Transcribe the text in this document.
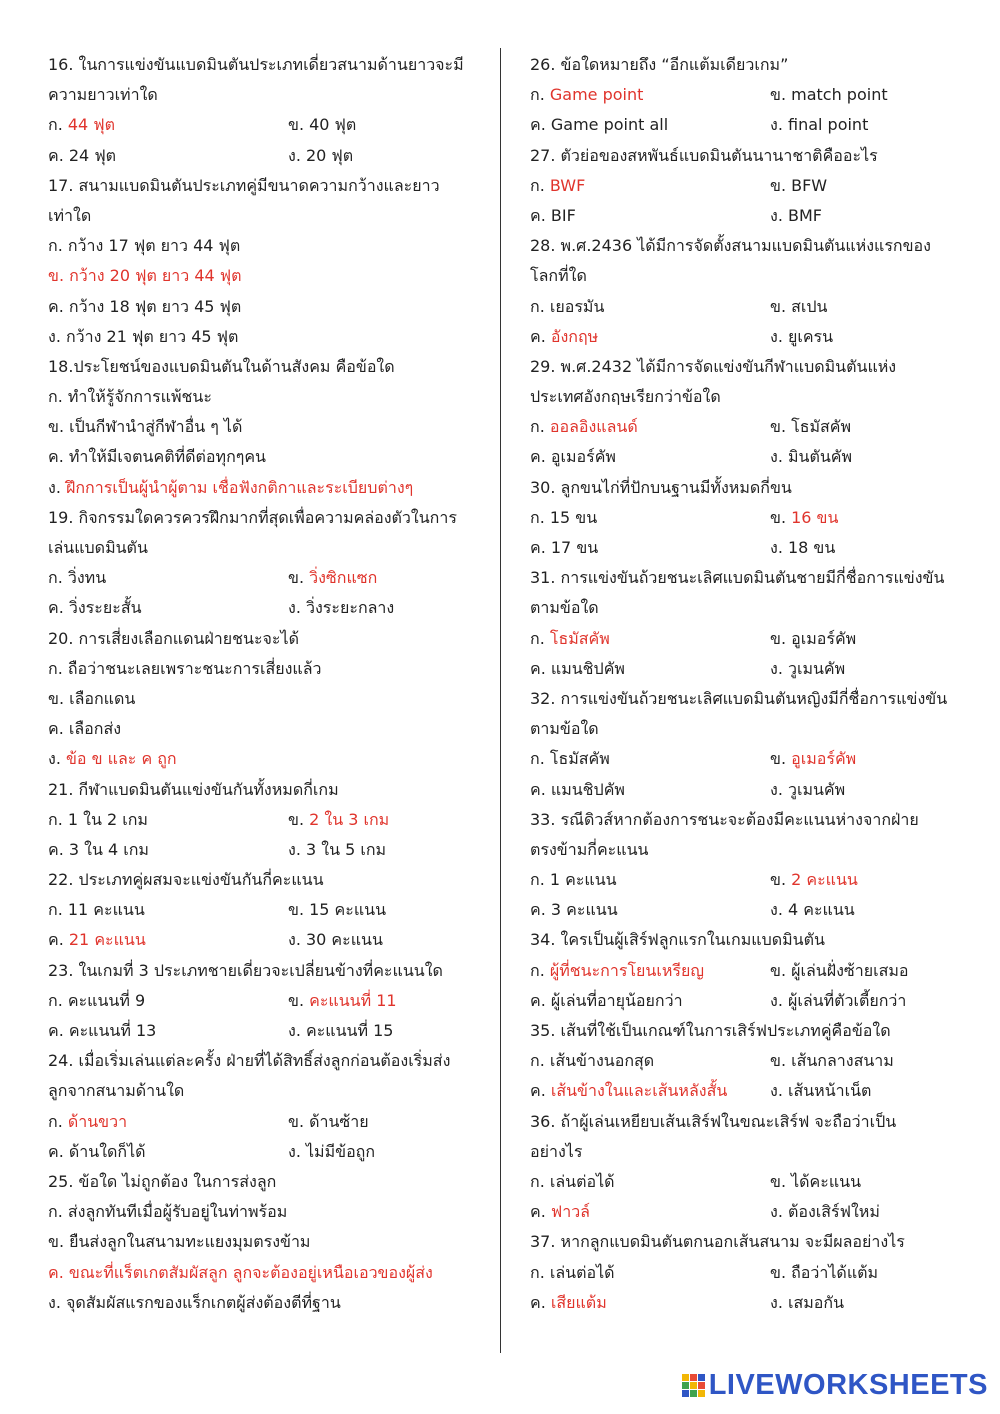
16. ในการแข่งขันแบดมินตันประเภทเดี่ยวสนามด้านยาวจะมี
ความยาวเท่าใด
ก. 44 ฟุต	ข. 40 ฟุต
ค. 24 ฟุต	ง. 20 ฟุต
17. สนามแบดมินตันประเภทคู่มีขนาดความกว้างและยาว
เท่าใด
ก. กว้าง 17 ฟุต ยาว 44 ฟุต
ข. กว้าง 20 ฟุต ยาว 44 ฟุต
ค. กว้าง 18 ฟุต ยาว 45 ฟุต
ง. กว้าง 21 ฟุต ยาว 45 ฟุต
18.ประโยชน์ของแบดมินตันในด้านสังคม คือข้อใด
ก. ทำให้รู้จักการแพ้ชนะ
ข. เป็นกีฬานำสู่กีฬาอื่น ๆ ได้
ค. ทำให้มีเจตนคติที่ดีต่อทุกๆคน
ง. ฝึกการเป็นผู้นำผู้ตาม เชื่อฟังกติกาและระเบียบต่างๆ
19. กิจกรรมใดควรควรฝึกมากที่สุดเพื่อความคล่องตัวในการ
เล่นแบดมินตัน
ก. วิ่งทน	ข. วิ่งซิกแซก
ค. วิ่งระยะสั้น	ง. วิ่งระยะกลาง
20. การเสี่ยงเลือกแดนฝ่ายชนะจะได้
ก. ถือว่าชนะเลยเพราะชนะการเสี่ยงแล้ว
ข. เลือกแดน
ค. เลือกส่ง
ง. ข้อ ข และ ค ถูก
21. กีฬาแบดมินตันแข่งขันกันทั้งหมดกี่เกม
ก. 1 ใน 2 เกม	ข. 2 ใน 3 เกม
ค. 3 ใน 4 เกม	ง. 3 ใน 5 เกม
22. ประเภทคู่ผสมจะแข่งขันกันกี่คะแนน
ก. 11 คะแนน	ข. 15 คะแนน
ค. 21 คะแนน	ง. 30 คะแนน
23. ในเกมที่ 3 ประเภทชายเดี่ยวจะเปลี่ยนข้างที่คะแนนใด
ก. คะแนนที่ 9	ข. คะแนนที่ 11
ค. คะแนนที่ 13	ง. คะแนนที่ 15
24. เมื่อเริ่มเล่นแต่ละครั้ง ฝ่ายที่ได้สิทธิ์ส่งลูกก่อนต้องเริ่มส่ง
ลูกจากสนามด้านใด
ก. ด้านขวา	ข. ด้านซ้าย
ค. ด้านใดก็ได้	ง. ไม่มีข้อถูก
25. ข้อใด ไม่ถูกต้อง ในการส่งลูก
ก. ส่งลูกทันทีเมื่อผู้รับอยู่ในท่าพร้อม
ข. ยืนส่งลูกในสนามทะแยงมุมตรงข้าม
ค. ขณะที่แร็ตเกตสัมผัสลูก ลูกจะต้องอยู่เหนือเอวของผู้ส่ง
ง. จุดสัมผัสแรกของแร็กเกตผู้ส่งต้องตีที่ฐาน
26. ข้อใดหมายถึง “อีกแต้มเดียวเกม”
ก. Game point	ข. match point
ค. Game point all	ง. final point
27. ตัวย่อของสหพันธ์แบดมินตันนานาชาติคืออะไร
ก. BWF	ข. BFW
ค. BIF	ง. BMF
28. พ.ศ.2436 ได้มีการจัดตั้งสนามแบดมินตันแห่งแรกของ
โลกที่ใด
ก. เยอรมัน	ข. สเปน
ค. อังกฤษ	ง. ยูเครน
29. พ.ศ.2432 ได้มีการจัดแข่งขันกีฬาแบดมินตันแห่ง
ประเทศอังกฤษเรียกว่าข้อใด
ก. ออลอิงแลนด์	ข. โธมัสคัพ
ค. อูเมอร์คัพ	ง. มินตันคัพ
30. ลูกขนไก่ที่ปักบนฐานมีทั้งหมดกี่ขน
ก. 15 ขน	ข. 16 ขน
ค. 17 ขน	ง. 18 ขน
31. การแข่งขันถ้วยชนะเลิศแบดมินตันชายมีกี่ชื่อการแข่งขัน
ตามข้อใด
ก. โธมัสคัพ	ข. อูเมอร์คัพ
ค. แมนชิปคัพ	ง. วูเมนคัพ
32. การแข่งขันถ้วยชนะเลิศแบดมินตันหญิงมีกี่ชื่อการแข่งขัน
ตามข้อใด
ก. โธมัสคัพ	ข. อูเมอร์คัพ
ค. แมนชิปคัพ	ง. วูเมนคัพ
33. รณีดิวส์หากต้องการชนะจะต้องมีคะแนนห่างจากฝ่าย
ตรงข้ามกี่คะแนน
ก. 1 คะแนน	ข. 2 คะแนน
ค. 3 คะแนน	ง. 4 คะแนน
34. ใครเป็นผู้เสิร์ฟลูกแรกในเกมแบดมินตัน
ก. ผู้ที่ชนะการโยนเหรียญ	ข. ผู้เล่นฝั่งซ้ายเสมอ
ค. ผู้เล่นที่อายุน้อยกว่า	ง. ผู้เล่นที่ตัวเตี้ยกว่า
35. เส้นที่ใช้เป็นเกณฑ์ในการเสิร์ฟประเภทคู่คือข้อใด
ก. เส้นข้างนอกสุด	ข. เส้นกลางสนาม
ค. เส้นข้างในและเส้นหลังสั้น	ง. เส้นหน้าเน็ต
36. ถ้าผู้เล่นเหยียบเส้นเสิร์ฟในขณะเสิร์ฟ จะถือว่าเป็น
อย่างไร
ก. เล่นต่อได้	ข. ได้คะแนน
ค. ฟาวล์	ง. ต้องเสิร์ฟใหม่
37. หากลูกแบดมินตันตกนอกเส้นสนาม จะมีผลอย่างไร
ก. เล่นต่อได้	ข. ถือว่าได้แต้ม
ค. เสียแต้ม	ง. เสมอกัน
LIVEWORKSHEETS
